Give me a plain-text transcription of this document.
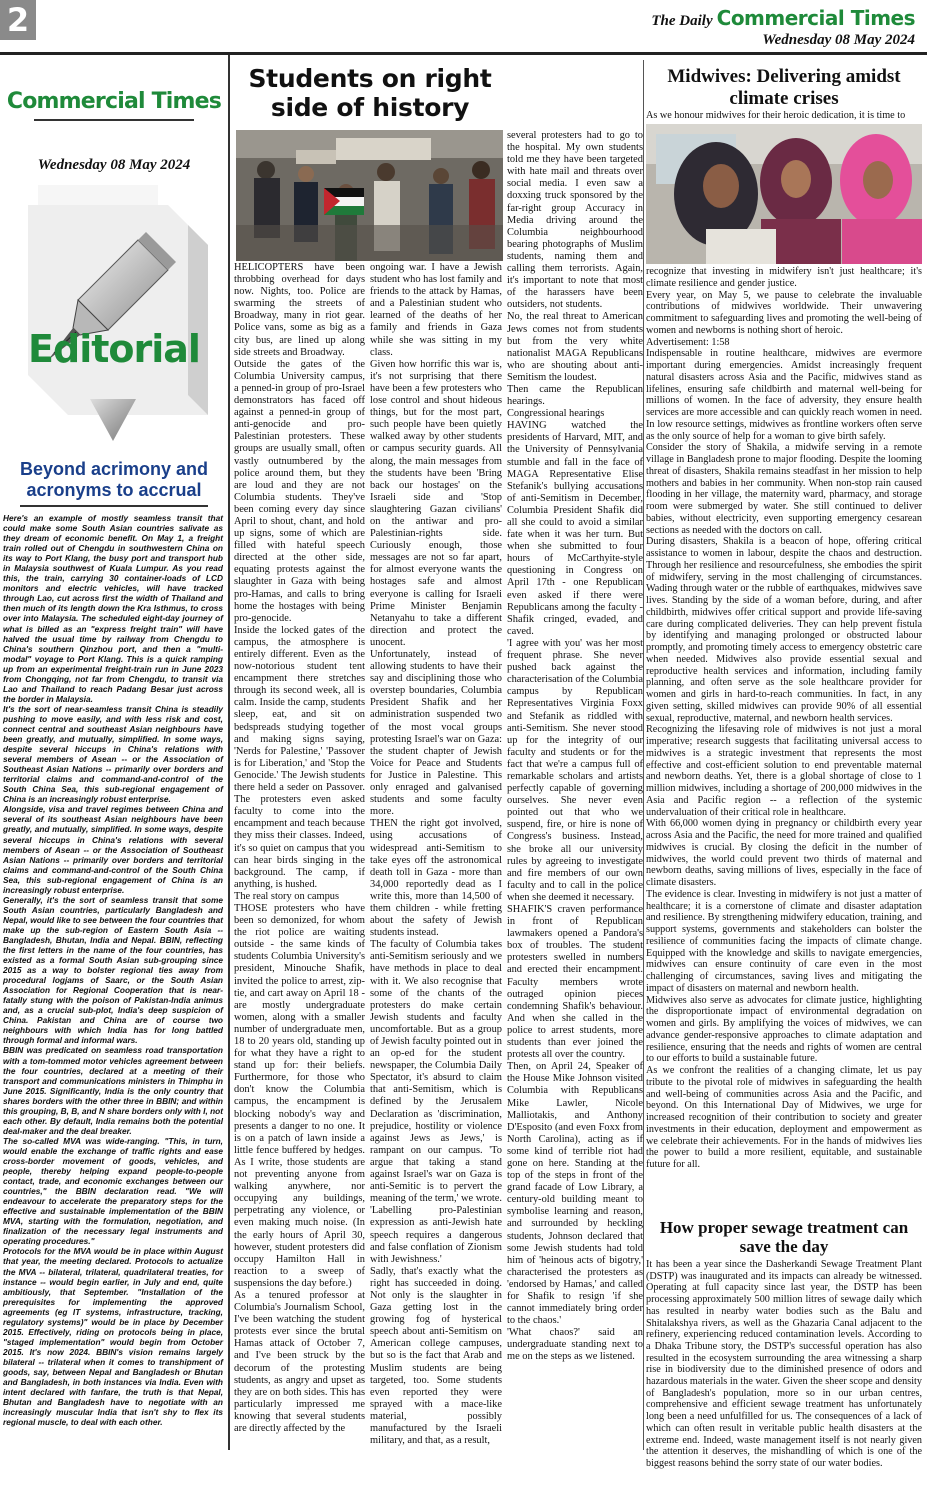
2	The Daily Commercial Times
Wednesday 08 May 2024
Commercial Times
Wednesday 08 May 2024
Editorial
Beyond acrimony and acronyms to accrual

Here's an example of mostly seamless transit that could make some South Asian countries salivate as they dream of economic benefit. On May 1, a freight train rolled out of Chengdu in southwestern China on its way to Port Klang, the busy port and transport hub in Malaysia southwest of Kuala Lumpur. As you read this, the train, carrying 30 container-loads of LCD monitors and electric vehicles, will have tracked through Lao, cut across first the width of Thailand and then much of its length down the Kra Isthmus, to cross over into Malaysia. The scheduled eight-day journey of what is billed as an "express freight train" will have halved the usual time by railway from Chengdu to China's southern Qinzhou port, and then a "multi-modal" voyage to Port Klang. This is a quick ramping up from an experimental freight-train run in June 2023 from Chongqing, not far from Chengdu, to transit via Lao and Thailand to reach Padang Besar just across the border in Malaysia.

It's the sort of near-seamless transit China is steadily pushing to move easily, and with less risk and cost, connect central and southeast Asian neighbours have been greatly, and mutually, simplified. In some ways, despite several hiccups in China's relations with several members of Asean -- or the Association of Southeast Asian Nations -- primarily over borders and territorial claims and command-and-control of the South China Sea, this sub-regional engagement of China is an increasingly robust enterprise.

Alongside, visa and travel regimes between China and several of its southeast Asian neighbours have been greatly, and mutually, simplified. In some ways, despite several hiccups in China's relations with several members of Asean -- or the Association of Southeast Asian Nations -- primarily over borders and territorial claims and command-and-control of the South China Sea, this sub-regional engagement of China is an increasingly robust enterprise.

Generally, it's the sort of seamless transit that some South Asian countries, particularly Bangladesh and Nepal, would like to see between the four countries that make up the sub-region of Eastern South Asia -- Bangladesh, Bhutan, India and Nepal. BBIN, reflecting the first letters in the name of the four countries, has existed as a formal South Asian sub-grouping since 2015 as a way to bolster regional ties away from procedural logjams of Saarc, or the South Asian Association for Regional Cooperation that is near-fatally stung with the poison of Pakistan-India animus and, as a crucial sub-plot, India's deep suspicion of China. Pakistan and China are of course two neighbours with which India has for long battled through formal and informal wars.

BBIN was predicated on seamless road transportation with a tom-tommed motor vehicles agreement between the four countries, declared at a meeting of their transport and communications ministers in Thimphu in June 2015. Significantly, India is the only country that shares borders with the other three in BBIN; and within this grouping, B, B, and N share borders only with I, not each other. By default, India remains both the potential deal-maker and the deal breaker.

The so-called MVA was wide-ranging. "This, in turn, would enable the exchange of traffic rights and ease cross-border movement of goods, vehicles, and people, thereby helping expand people-to-people contact, trade, and economic exchanges between our countries," the BBIN declaration read. "We will endeavour to accelerate the preparatory steps for the effective and sustainable implementation of the BBIN MVA, starting with the formulation, negotiation, and finalization of the necessary legal instruments and operating procedures."

Protocols for the MVA would be in place within August that year, the meeting declared. Protocols to actualize the MVA -- bilateral, trilateral, quadrilateral treaties, for instance -- would begin earlier, in July and end, quite ambitiously, that September. "Installation of the prerequisites for implementing the approved agreements (eg IT systems, infrastructure, tracking, regulatory systems)" would be in place by December 2015. Effectively, riding on protocols being in place, "staged implementation" would begin from October 2015. It's now 2024. BBIN's vision remains largely bilateral -- trilateral when it comes to transhipment of goods, say, between Nepal and Bangladesh or Bhutan and Bangladesh, in both instances via India. Even with intent declared with fanfare, the truth is that Nepal, Bhutan and Bangladesh have to negotiate with an increasingly muscular India that isn't shy to flex its regional muscle, to deal with each other.

Students on right side of history

HELICOPTERS have been throbbing overhead for days now. Nights, too. Police are swarming the streets of Broadway, many in riot gear. Police vans, some as big as a city bus, are lined up along side streets and Broadway.

Outside the gates of the Columbia University campus, a penned-in group of pro-Israel demonstrators has faced off against a penned-in group of anti-genocide and pro-Palestinian protesters. These groups are usually small, often vastly outnumbered by the police around them, but they are loud and they are not Columbia students. They've been coming every day since April to shout, chant, and hold up signs, some of which are filled with hateful speech directed at the other side, equating protests against the slaughter in Gaza with being pro-Hamas, and calls to bring home the hostages with being pro-genocide.

Inside the locked gates of the campus, the atmosphere is entirely different. Even as the now-notorious student tent encampment there stretches through its second week, all is calm. Inside the camp, students sleep, eat, and sit on bedspreads studying together and making signs saying, 'Nerds for Palestine,' 'Passover is for Liberation,' and 'Stop the Genocide.' The Jewish students there held a seder on Passover. The protesters even asked faculty to come into the encampment and teach because they miss their classes. Indeed, it's so quiet on campus that you can hear birds singing in the background. The camp, if anything, is hushed.

The real story on campus

THOSE protesters who have been so demonized, for whom the riot police are waiting outside - the same kinds of students Columbia University's president, Minouche Shafik, invited the police to arrest, zip-tie, and cart away on April 18 - are mostly undergraduate women, along with a smaller number of undergraduate men, 18 to 20 years old, standing up for what they have a right to stand up for: their beliefs. Furthermore, for those who don't know the Columbia campus, the encampment is blocking nobody's way and presents a danger to no one. It is on a patch of lawn inside a little fence buffered by hedges. As I write, those students are not preventing anyone from walking anywhere, nor occupying any buildings, perpetrating any violence, or even making much noise. (In the early hours of April 30, however, student protesters did occupy Hamilton Hall in reaction to a sweep of suspensions the day before.)

As a tenured professor at Columbia's Journalism School, I've been watching the student protests ever since the brutal Hamas attack of October 7, and I've been struck by the decorum of the protesting students, as angry and upset as they are on both sides. This has particularly impressed me knowing that several students are directly affected by the

ongoing war. I have a Jewish student who has lost family and friends to the attack by Hamas, and a Palestinian student who learned of the deaths of her family and friends in Gaza while she was sitting in my class.

Given how horrific this war is, it's not surprising that there have been a few protesters who lose control and shout hideous things, but for the most part, such people have been quietly walked away by other students or campus security guards. All along, the main messages from the students have been 'Bring back our hostages' on the Israeli side and 'Stop slaughtering Gazan civilians' on the antiwar and pro-Palestinian-rights side. Curiously enough, those messages are not so far apart, for almost everyone wants the hostages safe and almost everyone is calling for Israeli Prime Minister Benjamin Netanyahu to take a different direction and protect the unocent.

Unfortunately, instead of allowing students to have their say and disciplining those who overstep boundaries, Columbia President Shafik and her administration suspended two of the most vocal groups protesting Israel's war on Gaza: the student chapter of Jewish Voice for Peace and Students for Justice in Palestine. This only enraged and galvanised students and some faculty more.

THEN the right got involved, using accusations of widespread anti-Semitism to take eyes off the astronomical death toll in Gaza - more than 34,000 reportedly dead as I write this, more than 14,500 of them children - while fretting about the safety of Jewish students instead.

The faculty of Columbia takes anti-Semitism seriously and we have methods in place to deal with it. We also recognise that some of the chants of the protesters do make certain Jewish students and faculty uncomfortable. But as a group of Jewish faculty pointed out in an op-ed for the student newspaper, the Columbia Daily Spectator, it's absurd to claim that anti-Semitism, which is defined by the Jerusalem Declaration as 'discrimination, prejudice, hostility or violence against Jews as Jews,' is rampant on our campus. 'To argue that taking a stand against Israel's war on Gaza is anti-Semitic is to pervert the meaning of the term,' we wrote. 'Labelling pro-Palestinian expression as anti-Jewish hate speech requires a dangerous and false conflation of Zionism with Jewishness.'

Sadly, that's exactly what the right has succeeded in doing. Not only is the slaughter in Gaza getting lost in the growing fog of hysterical speech about anti-Semitism on American college campuses, but so is the fact that Arab and Muslim students are being targeted, too. Some students even reported they were sprayed with a mace-like material, possibly manufactured by the Israeli military, and that, as a result,

several protesters had to go to the hospital. My own students told me they have been targeted with hate mail and threats over social media. I even saw a doxxing truck sponsored by the far-right group Accuracy in Media driving around the Columbia neighbourhood bearing photographs of Muslim students, naming them and calling them terrorists. Again, it's important to note that most of the harassers have been outsiders, not students.

No, the real threat to American Jews comes not from students but from the very white nationalist MAGA Republicans who are shouting about anti-Semitism the loudest.

Then came the Republican hearings.

Congressional hearings

HAVING watched the presidents of Harvard, MIT, and the University of Pennsylvania stumble and fall in the face of MAGA Representative Elise Stefanik's bullying accusations of anti-Semitism in December, Columbia President Shafik did all she could to avoid a similar fate when it was her turn. But when she submitted to four hours of McCarthyite-style questioning in Congress on April 17th - one Republican even asked if there were Republicans among the faculty - Shafik cringed, evaded, and caved.

'I agree with you' was her most frequent phrase. She never pushed back against the characterisation of the Columbia campus by Republican Representatives Virginia Foxx and Stefanik as riddled with anti-Semitism. She never stood up for the integrity of our faculty and students or for the fact that we're a campus full of remarkable scholars and artists perfectly capable of governing ourselves. She never even pointed out that who we suspend, fire, or hire is none of Congress's business. Instead, she broke all our university rules by agreeing to investigate and fire members of our own faculty and to call in the police when she deemed it necessary.

SHAFIK'S craven performance in front of Republican lawmakers opened a Pandora's box of troubles. The student protesters swelled in numbers and erected their encampment. Faculty members wrote outraged opinion pieces condemning Shafik's behaviour. And when she called in the police to arrest students, more students than ever joined the protests all over the country.

Then, on April 24, Speaker of the House Mike Johnson visited Columbia with Republicans Mike Lawler, Nicole Malliotakis, and Anthony D'Esposito (and even Foxx from North Carolina), acting as if some kind of terrible riot had gone on here. Standing at the top of the steps in front of the grand facade of Low Library, a century-old building meant to symbolise learning and reason, and surrounded by heckling students, Johnson declared that some Jewish students had told him of 'heinous acts of bigotry,' characterised the protesters as 'endorsed by Hamas,' and called for Shafik to resign 'if she cannot immediately bring order to the chaos.'

'What chaos?' said an undergraduate standing next to me on the steps as we listened.

Midwives: Delivering amidst climate crises
As we honour midwives for their heroic dedication, it is time to

recognize that investing in midwifery isn't just healthcare; it's climate resilience and gender justice.

Every year, on May 5, we pause to celebrate the invaluable contributions of midwives worldwide. Their unwavering commitment to safeguarding lives and promoting the well-being of women and newborns is nothing short of heroic.

Advertisement: 1:58

Indispensable in routine healthcare, midwives are evermore important during emergencies. Amidst increasingly frequent natural disasters across Asia and the Pacific, midwives stand as lifelines, ensuring safe childbirth and maternal well-being for millions of women. In the face of adversity, they ensure health services are more accessible and can quickly reach women in need. In low resource settings, midwives as frontline workers often serve as the only source of help for a woman to give birth safely.

Consider the story of Shakila, a midwife serving in a remote village in Bangladesh prone to major flooding. Despite the looming threat of disasters, Shakila remains steadfast in her mission to help mothers and babies in her community. When non-stop rain caused flooding in her village, the maternity ward, pharmacy, and storage room were submerged by water. She still continued to deliver babies, without electricity, even supporting emergency cesarean sections as needed with the doctors on call.

During disasters, Shakila is a beacon of hope, offering critical assistance to women in labour, despite the chaos and destruction. Through her resilience and resourcefulness, she embodies the spirit of midwifery, serving in the most challenging of circumstances. Wading through water or the rubble of earthquakes, midwives save lives. Standing by the side of a woman before, during, and after childbirth, midwives offer critical support and provide life-saving care during complicated deliveries. They can help prevent fistula by identifying and managing prolonged or obstructed labour promptly, and promoting timely access to emergency obstetric care when needed. Midwives also provide essential sexual and reproductive health services and information, including family planning, and often serve as the sole healthcare provider for women and girls in hard-to-reach communities. In fact, in any given setting, skilled midwives can provide 90% of all essential sexual, reproductive, maternal, and newborn health services.

Recognizing the lifesaving role of midwives is not just a moral imperative; research suggests that facilitating universal access to midwives is a strategic investment that represents the most effective and cost-efficient solution to end preventable maternal and newborn deaths. Yet, there is a global shortage of close to 1 million midwives, including a shortage of 200,000 midwives in the Asia and Pacific region -- a reflection of the systemic undervaluation of their critical role in healthcare.

With 66,000 women dying in pregnancy or childbirth every year across Asia and the Pacific, the need for more trained and qualified midwives is crucial. By closing the deficit in the number of midwives, the world could prevent two thirds of maternal and newborn deaths, saving millions of lives, especially in the face of climate disasters.

The evidence is clear. Investing in midwifery is not just a matter of healthcare; it is a cornerstone of climate and disaster adaptation and resilience. By strengthening midwifery education, training, and support systems, governments and stakeholders can bolster the resilience of communities facing the impacts of climate change. Equipped with the knowledge and skills to navigate emergencies, midwives can ensure continuity of care even in the most challenging of circumstances, saving lives and mitigating the impact of disasters on maternal and newborn health.

Midwives also serve as advocates for climate justice, highlighting the disproportionate impact of environmental degradation on women and girls. By amplifying the voices of midwives, we can advance gender-responsive approaches to climate adaptation and resilience, ensuring that the needs and rights of women are central to our efforts to build a sustainable future.

As we confront the realities of a changing climate, let us pay tribute to the pivotal role of midwives in safeguarding the health and well-being of communities across Asia and the Pacific, and beyond. On this International Day of Midwives, we urge for increased recognition of their contribution to society and greater investments in their education, deployment and empowerment as we celebrate their achievements. For in the hands of midwives lies the power to build a more resilient, equitable, and sustainable future for all.

How proper sewage treatment can save the day

It has been a year since the Dasherkandi Sewage Treatment Plant (DSTP) was inaugurated and its impacts can already be witnessed. Operating at full capacity since last year, the DSTP has been processing approximately 500 million litres of sewage daily which has resulted in nearby water bodies such as the Balu and Shitalakshya rivers, as well as the Ghazaria Canal adjacent to the refinery, experiencing reduced contamination levels. According to a Dhaka Tribune story, the DSTP's successful operation has also resulted in the ecosystem surrounding the area witnessing a sharp rise in biodiversity due to the diminished presence of odors and hazardous materials in the water. Given the sheer scope and density of Bangladesh's population, more so in our urban centres, comprehensive and efficient sewage treatment has unfortunately long been a need unfulfilled for us. The consequences of a lack of which can often result in veritable public health disasters at the extreme end. Indeed, waste management itself is not nearly given the attention it deserves, the mishandling of which is one of the biggest reasons behind the sorry state of our water bodies.
